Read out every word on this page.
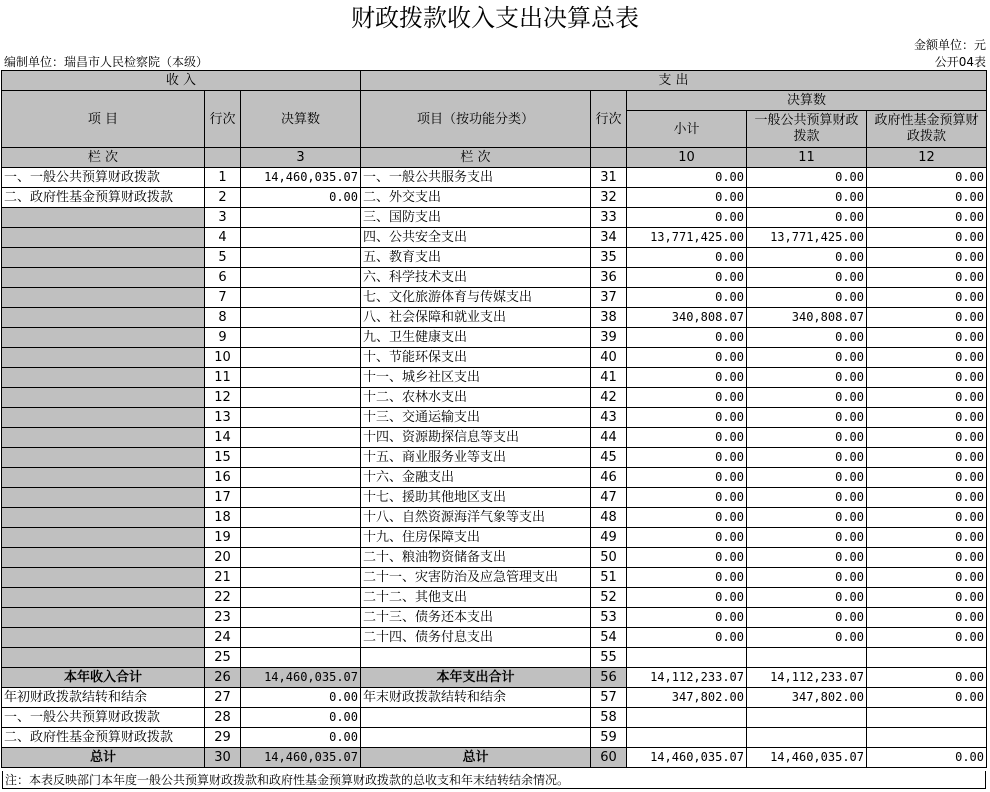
财政拨款收入支出决算总表
金额单位：元
编制单位：瑞昌市人民检察院（本级）	公开04表
收 入			支 出				
项 目	行次	决算数	项目（按功能分类）	行次	决算数		
					小计	一般公共预算财政拨款	政府性基金预算财政拨款
栏 次		3	栏 次		10	11	12
一、一般公共预算财政拨款	1	14,460,035.07	一、一般公共服务支出	31	0.00	0.00	0.00
二、政府性基金预算财政拨款	2	0.00	二、外交支出	32	0.00	0.00	0.00
	3		三、国防支出	33	0.00	0.00	0.00
	4		四、公共安全支出	34	13,771,425.00	13,771,425.00	0.00
	5		五、教育支出	35	0.00	0.00	0.00
	6		六、科学技术支出	36	0.00	0.00	0.00
	7		七、文化旅游体育与传媒支出	37	0.00	0.00	0.00
	8		八、社会保障和就业支出	38	340,808.07	340,808.07	0.00
	9		九、卫生健康支出	39	0.00	0.00	0.00
	10		十、节能环保支出	40	0.00	0.00	0.00
	11		十一、城乡社区支出	41	0.00	0.00	0.00
	12		十二、农林水支出	42	0.00	0.00	0.00
	13		十三、交通运输支出	43	0.00	0.00	0.00
	14		十四、资源勘探信息等支出	44	0.00	0.00	0.00
	15		十五、商业服务业等支出	45	0.00	0.00	0.00
	16		十六、金融支出	46	0.00	0.00	0.00
	17		十七、援助其他地区支出	47	0.00	0.00	0.00
	18		十八、自然资源海洋气象等支出	48	0.00	0.00	0.00
	19		十九、住房保障支出	49	0.00	0.00	0.00
	20		二十、粮油物资储备支出	50	0.00	0.00	0.00
	21		二十一、灾害防治及应急管理支出	51	0.00	0.00	0.00
	22		二十二、其他支出	52	0.00	0.00	0.00
	23		二十三、债务还本支出	53	0.00	0.00	0.00
	24		二十四、债务付息支出	54	0.00	0.00	0.00
	25			55			
本年收入合计	26	14,460,035.07	本年支出合计	56	14,112,233.07	14,112,233.07	0.00
年初财政拨款结转和结余	27	0.00	年末财政拨款结转和结余	57	347,802.00	347,802.00	0.00
一、一般公共预算财政拨款	28	0.00		58			
二、政府性基金预算财政拨款	29	0.00		59			
总计	30	14,460,035.07	总计	60	14,460,035.07	14,460,035.07	0.00
注：本表反映部门本年度一般公共预算财政拨款和政府性基金预算财政拨款的总收支和年末结转结余情况。
